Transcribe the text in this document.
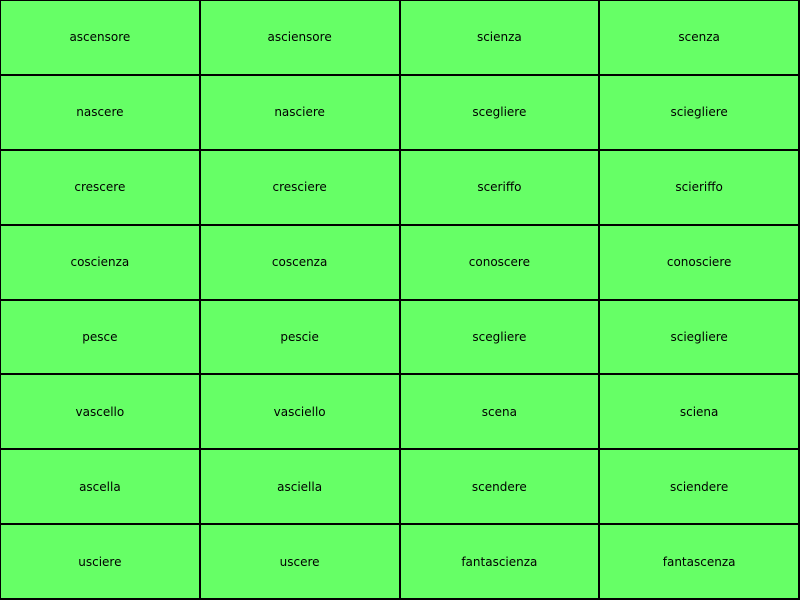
ascensore	asciensore	scienza	scenza
nascere	nasciere	scegliere	sciegliere
crescere	cresciere	sceriffo	scieriffo
coscienza	coscenza	conoscere	conosciere
pesce	pescie	scegliere	sciegliere
vascello	vasciello	scena	sciena
ascella	asciella	scendere	sciendere
usciere	uscere	fantascienza	fantascenza
